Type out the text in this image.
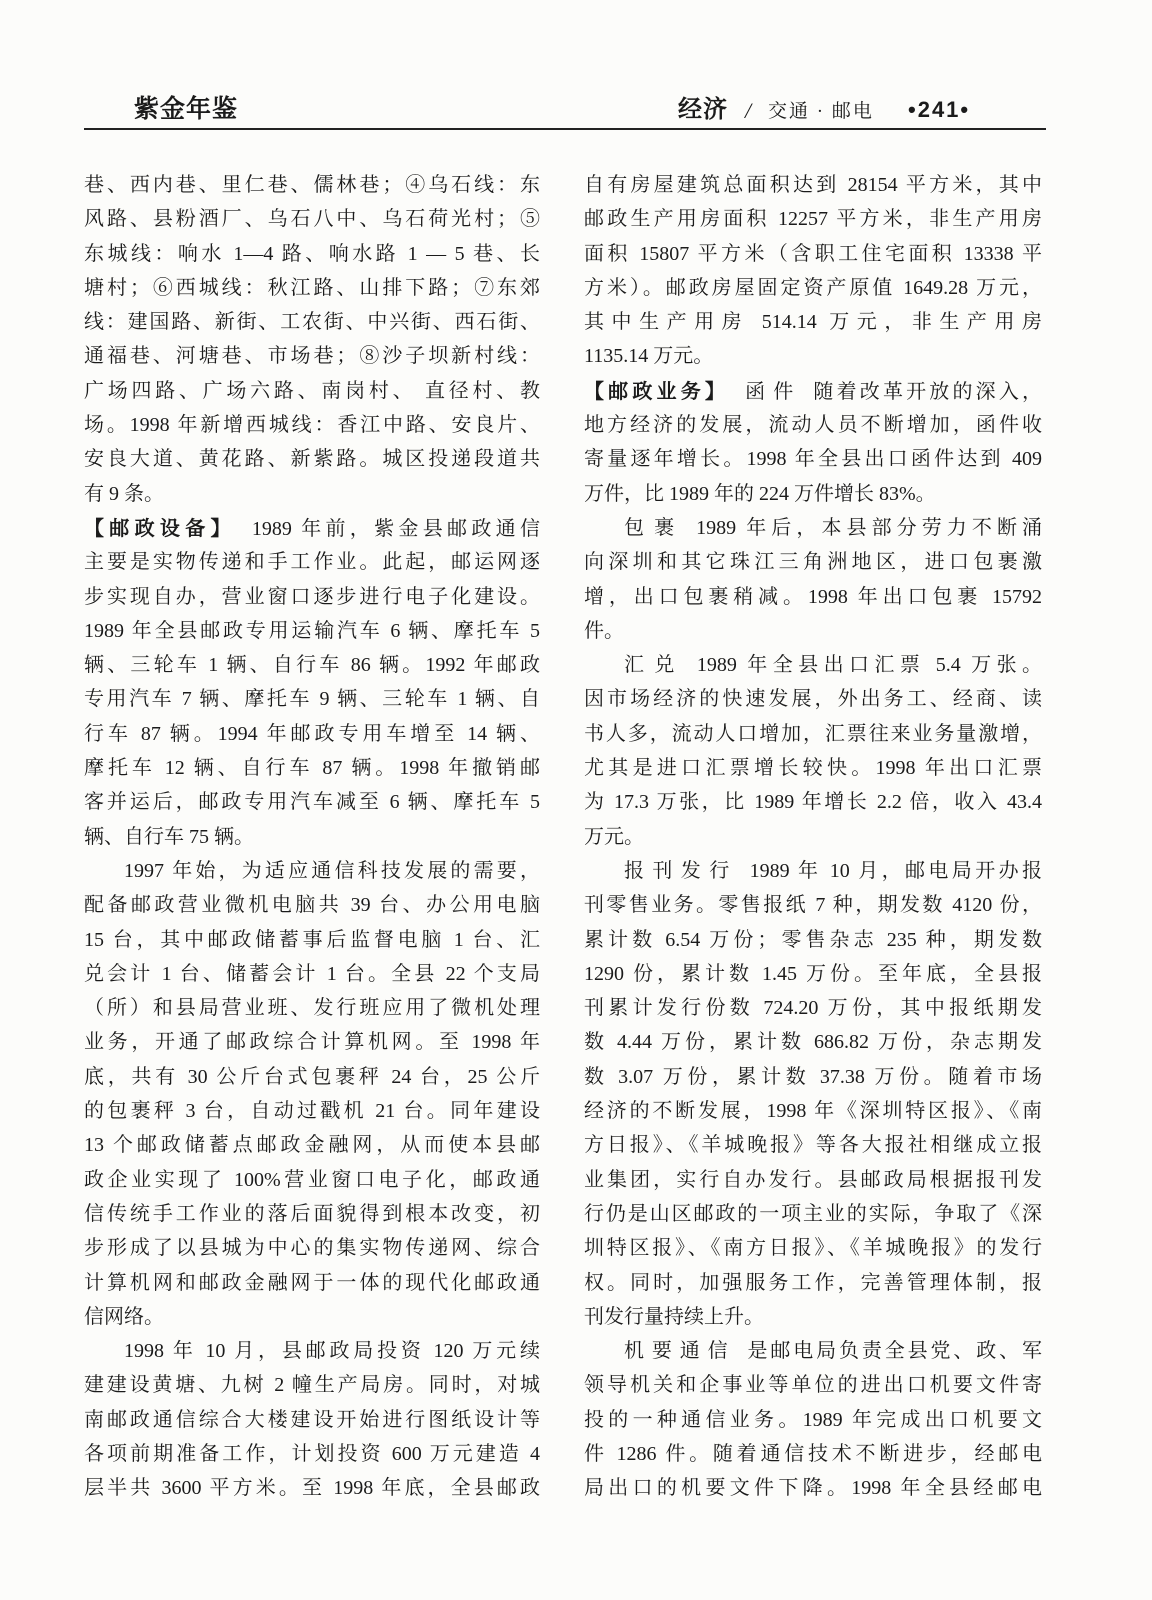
紫金年鉴	经济 / 交通 · 邮电 •241•
巷、西内巷、里仁巷、儒林巷；④乌石线：东
风路、县粉酒厂、乌石八中、乌石荷光村；⑤
东城线：响水 1—4 路、响水路 1 — 5 巷、长
塘村；⑥西城线：秋江路、山排下路；⑦东郊
线：建国路、新街、工农街、中兴街、西石街、
通福巷、河塘巷、市场巷；⑧沙子坝新村线：
广场四路、广场六路、南岗村、 直径村、教
场。1998 年新增西城线：香江中路、安良片、
安良大道、黄花路、新紫路。城区投递段道共
有 9 条。
【邮政设备】 1989 年前，紫金县邮政通信
主要是实物传递和手工作业。此起，邮运网逐
步实现自办，营业窗口逐步进行电子化建设。
1989 年全县邮政专用运输汽车 6 辆、摩托车 5
辆、三轮车 1 辆、自行车 86 辆。1992 年邮政
专用汽车 7 辆、摩托车 9 辆、三轮车 1 辆、自
行车 87 辆。1994 年邮政专用车增至 14 辆、
摩托车 12 辆、自行车 87 辆。1998 年撤销邮
客并运后，邮政专用汽车减至 6 辆、摩托车 5
辆、自行车 75 辆。
1997 年始，为适应通信科技发展的需要，
配备邮政营业微机电脑共 39 台、办公用电脑
15 台，其中邮政储蓄事后监督电脑 1 台、汇
兑会计 1 台、储蓄会计 1 台。全县 22 个支局
（所）和县局营业班、发行班应用了微机处理
业务，开通了邮政综合计算机网。至 1998 年
底，共有 30 公斤台式包裹秤 24 台，25 公斤
的包裹秤 3 台，自动过戳机 21 台。同年建设
13 个邮政储蓄点邮政金融网，从而使本县邮
政企业实现了 100%营业窗口电子化，邮政通
信传统手工作业的落后面貌得到根本改变，初
步形成了以县城为中心的集实物传递网、综合
计算机网和邮政金融网于一体的现代化邮政通
信网络。
1998 年 10 月，县邮政局投资 120 万元续
建建设黄塘、九树 2 幢生产局房。同时，对城
南邮政通信综合大楼建设开始进行图纸设计等
各项前期准备工作，计划投资 600 万元建造 4
层半共 3600 平方米。至 1998 年底，全县邮政
自有房屋建筑总面积达到 28154 平方米，其中
邮政生产用房面积 12257 平方米，非生产用房
面积 15807 平方米（含职工住宅面积 13338 平
方米）。邮政房屋固定资产原值 1649.28 万元，
其中生产用房 514.14 万元，非生产用房
1135.14 万元。
【邮政业务】 函件 随着改革开放的深入，
地方经济的发展，流动人员不断增加，函件收
寄量逐年增长。1998 年全县出口函件达到 409
万件，比 1989 年的 224 万件增长 83%。
包裹 1989 年后，本县部分劳力不断涌
向深圳和其它珠江三角洲地区，进口包裹激
增，出口包裹稍减。1998 年出口包裹 15792
件。
汇兑 1989 年全县出口汇票 5.4 万张。
因市场经济的快速发展，外出务工、经商、读
书人多，流动人口增加，汇票往来业务量激增，
尤其是进口汇票增长较快。1998 年出口汇票
为 17.3 万张，比 1989 年增长 2.2 倍，收入 43.4
万元。
报刊发行 1989 年 10 月，邮电局开办报
刊零售业务。零售报纸 7 种，期发数 4120 份，
累计数 6.54 万份；零售杂志 235 种，期发数
1290 份，累计数 1.45 万份。至年底，全县报
刊累计发行份数 724.20 万份，其中报纸期发
数 4.44 万份，累计数 686.82 万份，杂志期发
数 3.07 万份，累计数 37.38 万份。随着市场
经济的不断发展，1998 年《深圳特区报》、《南
方日报》、《羊城晚报》等各大报社相继成立报
业集团，实行自办发行。县邮政局根据报刊发
行仍是山区邮政的一项主业的实际，争取了《深
圳特区报》、《南方日报》、《羊城晚报》的发行
权。同时，加强服务工作，完善管理体制，报
刊发行量持续上升。
机要通信 是邮电局负责全县党、政、军
领导机关和企事业等单位的进出口机要文件寄
投的一种通信业务。1989 年完成出口机要文
件 1286 件。随着通信技术不断进步，经邮电
局出口的机要文件下降。1998 年全县经邮电
